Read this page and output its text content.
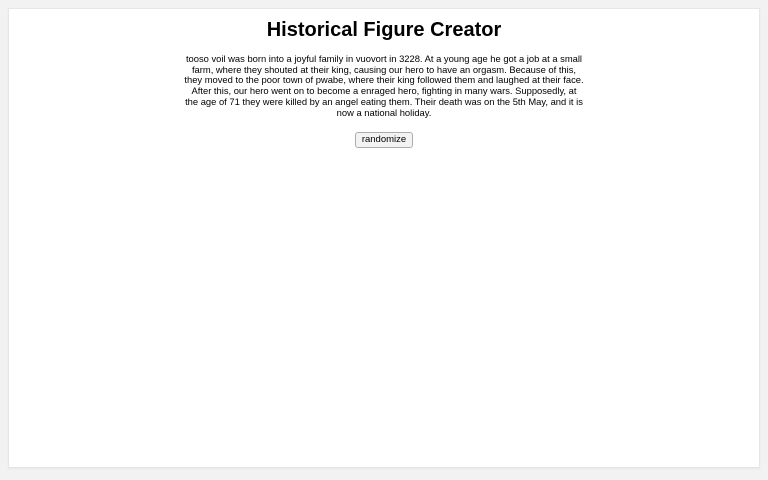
Historical Figure Creator

tooso voil was born into a joyful family in vuovort in 3228. At a young age he got a job at a small farm, where they shouted at their king, causing our hero to have an orgasm. Because of this, they moved to the poor town of pwabe, where their king followed them and laughed at their face. After this, our hero went on to become a enraged hero, fighting in many wars. Supposedly, at the age of 71 they were killed by an angel eating them. Their death was on the 5th May, and it is now a national holiday.

randomize
